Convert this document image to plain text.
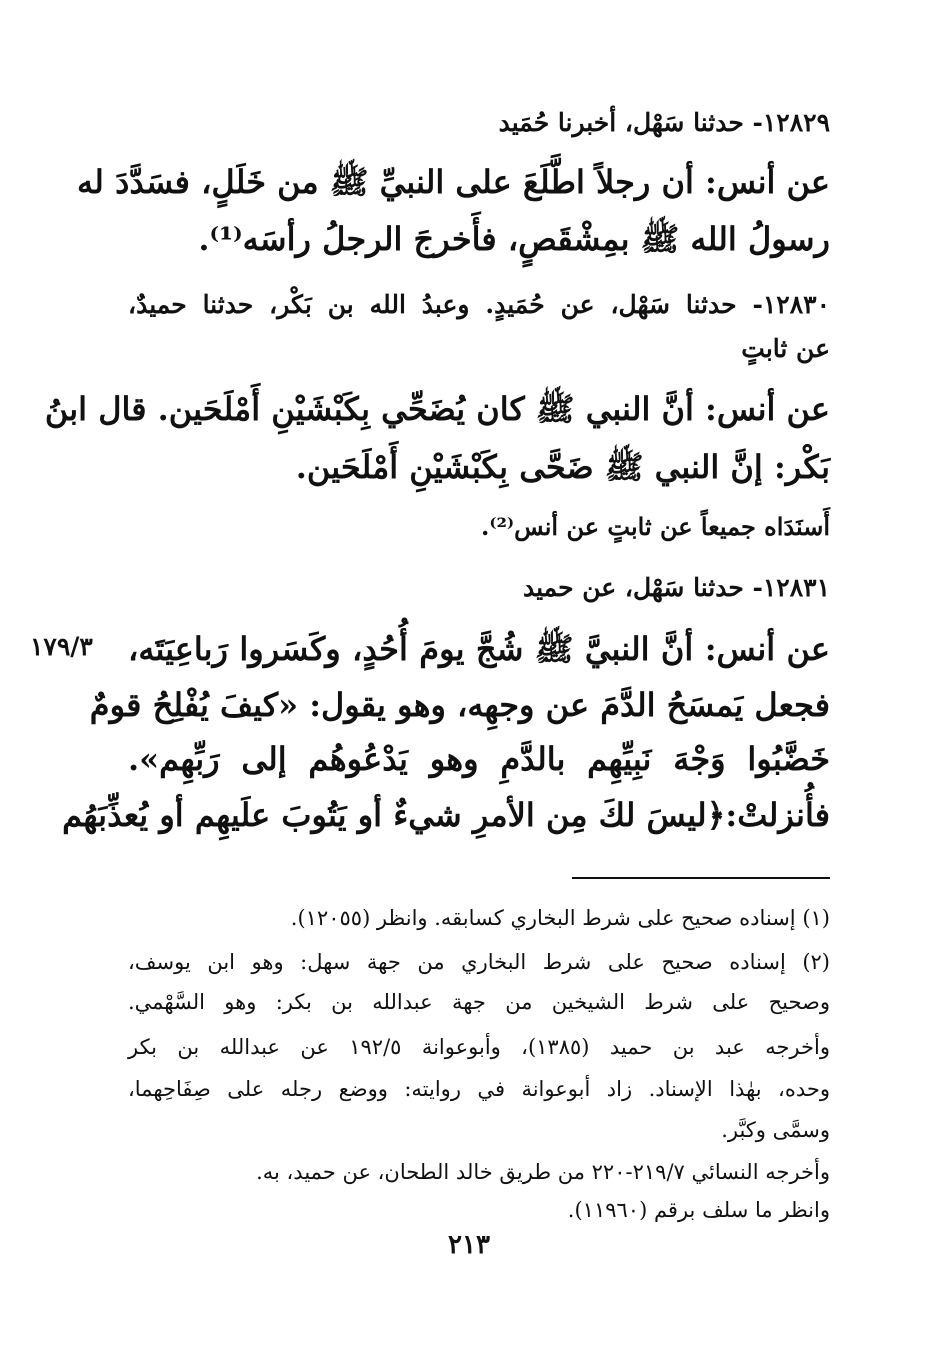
١٢٨٢٩- حدثنا سَهْل، أخبرنا حُمَيد
عن أنس: أن رجلاً اطَّلَعَ على النبيِّ ﷺ من خَلَلٍ، فسَدَّدَ له
رسولُ الله ﷺ بمِشْقَصٍ، فأَخرجَ الرجلُ رأسَه⁽¹⁾.
١٢٨٣٠- حدثنا سَهْل، عن حُمَيدٍ. وعبدُ الله بن بَكْر، حدثنا حميدٌ،
عن ثابتٍ
عن أنس: أنَّ النبي ﷺ كان يُضَحِّي بِكَبْشَيْنِ أَمْلَحَين. قال ابنُ
بَكْر: إنَّ النبي ﷺ ضَحَّى بِكَبْشَيْنِ أَمْلَحَين.
أَسنَدَاه جميعاً عن ثابتٍ عن أنس⁽²⁾.
١٢٨٣١- حدثنا سَهْل، عن حميد
١٧٩/٣ عن أنس: أنَّ النبيَّ ﷺ شُجَّ يومَ أُحُدٍ، وكَسَروا رَباعِيَتَه،
فجعل يَمسَحُ الدَّمَ عن وجهِه، وهو يقول: «كيفَ يُفْلِحُ قومٌ
خَضَّبُوا وَجْهَ نَبِيِّهِم بالدَّمِ وهو يَدْعُوهُم إلى رَبِّهِم».
فأُنزلتْ:﴿ليسَ لكَ مِن الأمرِ شيءٌ أو يَتُوبَ علَيهِم أو يُعذِّبَهُم
(١) إسناده صحيح على شرط البخاري كسابقه. وانظر (١٢٠٥٥).
(٢) إسناده صحيح على شرط البخاري من جهة سهل: وهو ابن يوسف،
وصحيح على شرط الشيخين من جهة عبدالله بن بكر: وهو السَّهْمي.
وأخرجه عبد بن حميد (١٣٨٥)، وأبوعوانة ١٩٢/٥ عن عبدالله بن بكر
وحده، بهٰذا الإسناد. زاد أبوعوانة في روايته: ووضع رجله على صِفَاحِهما،
وسمَّى وكبَّر.
وأخرجه النسائي ٢١٩/٧-٢٢٠ من طريق خالد الطحان، عن حميد، به.
وانظر ما سلف برقم (١١٩٦٠).
٢١٣
